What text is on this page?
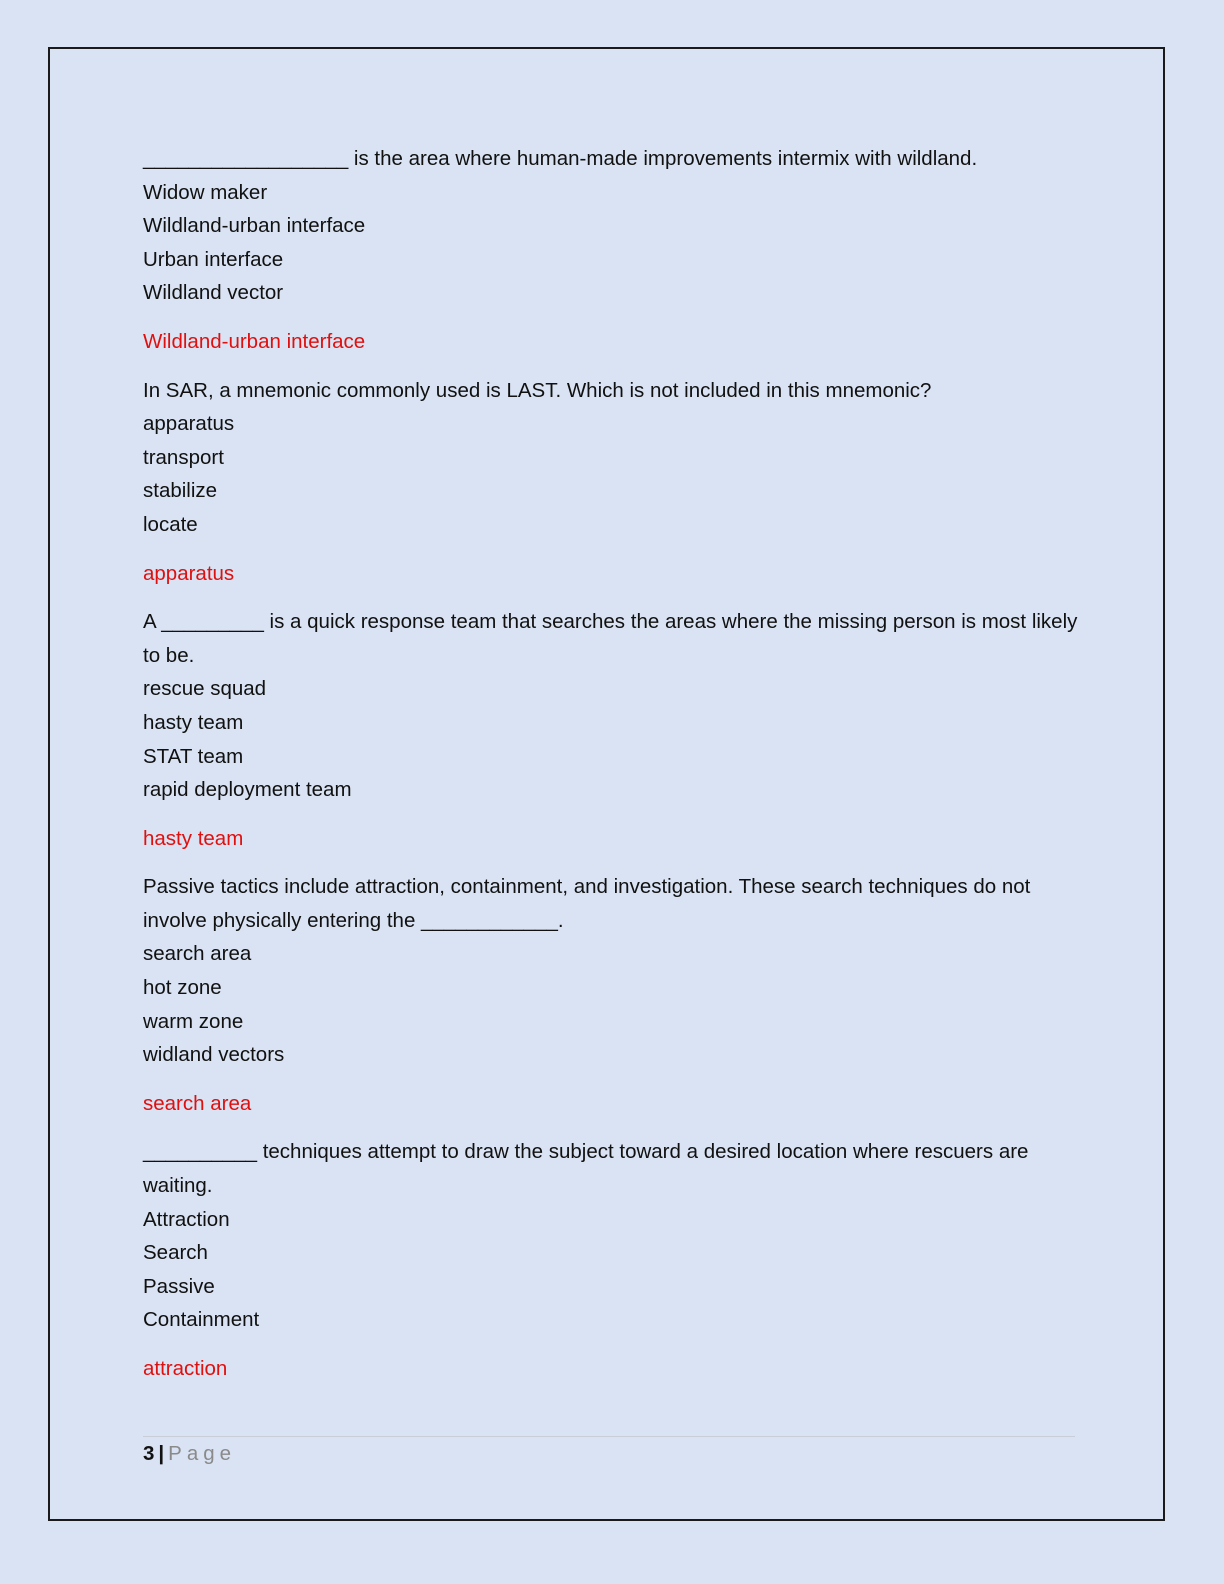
__________________ is the area where human-made improvements intermix with wildland.
Widow maker
Wildland-urban interface
Urban interface
Wildland vector
Wildland-urban interface
In SAR, a mnemonic commonly used is LAST. Which is not included in this mnemonic?
apparatus
transport
stabilize
locate
apparatus
A _________ is a quick response team that searches the areas where the missing person is most likely to be.
rescue squad
hasty team
STAT team
rapid deployment team
hasty team
Passive tactics include attraction, containment, and investigation. These search techniques do not involve physically entering the ____________.
search area
hot zone
warm zone
widland vectors
search area
__________ techniques attempt to draw the subject toward a desired location where rescuers are waiting.
Attraction
Search
Passive
Containment
attraction
3 | Page
